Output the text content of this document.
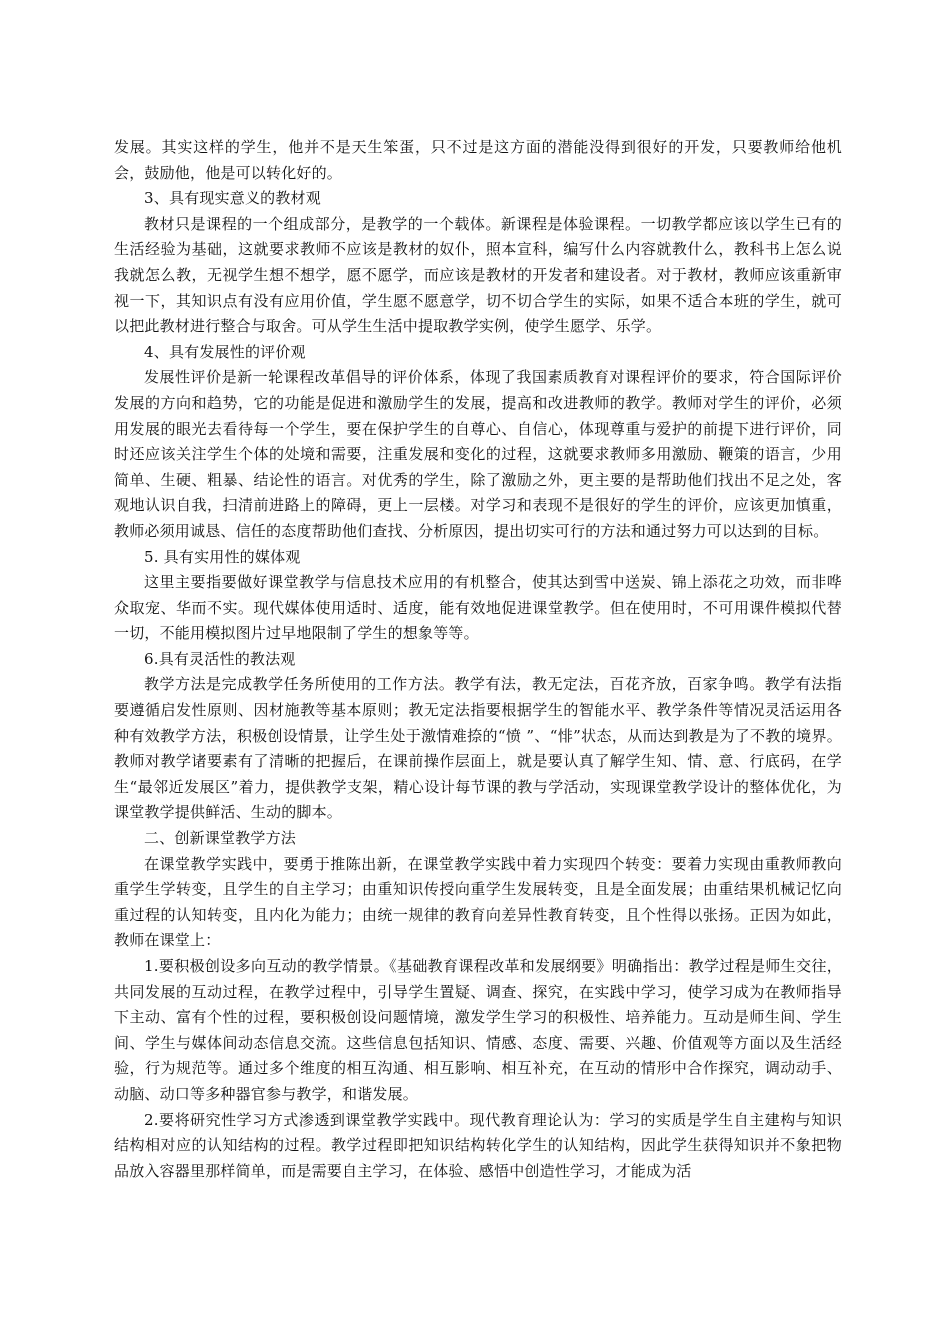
发展。其实这样的学生，他并不是天生笨蛋，只不过是这方面的潜能没得到很好的开发，只要教师给他机会，鼓励他，他是可以转化好的。

3、具有现实意义的教材观

教材只是课程的一个组成部分，是教学的一个载体。新课程是体验课程。一切教学都应该以学生已有的生活经验为基础，这就要求教师不应该是教材的奴仆，照本宣科，编写什么内容就教什么，教科书上怎么说我就怎么教，无视学生想不想学，愿不愿学，而应该是教材的开发者和建设者。对于教材，教师应该重新审视一下，其知识点有没有应用价值，学生愿不愿意学，切不切合学生的实际，如果不适合本班的学生，就可以把此教材进行整合与取舍。可从学生生活中提取教学实例，使学生愿学、乐学。

4、具有发展性的评价观

发展性评价是新一轮课程改革倡导的评价体系，体现了我国素质教育对课程评价的要求，符合国际评价发展的方向和趋势，它的功能是促进和激励学生的发展，提高和改进教师的教学。教师对学生的评价，必须用发展的眼光去看待每一个学生，要在保护学生的自尊心、自信心，体现尊重与爱护的前提下进行评价，同时还应该关注学生个体的处境和需要，注重发展和变化的过程，这就要求教师多用激励、鞭策的语言，少用简单、生硬、粗暴、结论性的语言。对优秀的学生，除了激励之外，更主要的是帮助他们找出不足之处，客观地认识自我，扫清前进路上的障碍，更上一层楼。对学习和表现不是很好的学生的评价，应该更加慎重，教师必须用诚恳、信任的态度帮助他们查找、分析原因，提出切实可行的方法和通过努力可以达到的目标。

5. 具有实用性的媒体观

这里主要指要做好课堂教学与信息技术应用的有机整合，使其达到雪中送炭、锦上添花之功效，而非哗众取宠、华而不实。现代媒体使用适时、适度，能有效地促进课堂教学。但在使用时，不可用课件模拟代替一切，不能用模拟图片过早地限制了学生的想象等等。

6.具有灵活性的教法观

教学方法是完成教学任务所使用的工作方法。教学有法，教无定法，百花齐放，百家争鸣。教学有法指要遵循启发性原则、因材施教等基本原则；教无定法指要根据学生的智能水平、教学条件等情况灵活运用各种有效教学方法，积极创设情景，让学生处于激情难捺的“愤 ”、“悱”状态，从而达到教是为了不教的境界。教师对教学诸要素有了清晰的把握后，在课前操作层面上，就是要认真了解学生知、情、意、行底码，在学生“最邻近发展区”着力，提供教学支架，精心设计每节课的教与学活动，实现课堂教学设计的整体优化，为课堂教学提供鲜活、生动的脚本。

二、创新课堂教学方法

在课堂教学实践中，要勇于推陈出新，在课堂教学实践中着力实现四个转变：要着力实现由重教师教向重学生学转变，且学生的自主学习；由重知识传授向重学生发展转变，且是全面发展；由重结果机械记忆向重过程的认知转变，且内化为能力；由统一规律的教育向差异性教育转变，且个性得以张扬。正因为如此，教师在课堂上：

1.要积极创设多向互动的教学情景。《基础教育课程改革和发展纲要》明确指出：教学过程是师生交往，共同发展的互动过程，在教学过程中，引导学生置疑、调查、探究，在实践中学习，使学习成为在教师指导下主动、富有个性的过程，要积极创设问题情境，激发学生学习的积极性、培养能力。互动是师生间、学生间、学生与媒体间动态信息交流。这些信息包括知识、情感、态度、需要、兴趣、价值观等方面以及生活经验，行为规范等。通过多个维度的相互沟通、相互影响、相互补充，在互动的情形中合作探究，调动动手、动脑、动口等多种器官参与教学，和谐发展。

2.要将研究性学习方式渗透到课堂教学实践中。现代教育理论认为：学习的实质是学生自主建构与知识结构相对应的认知结构的过程。教学过程即把知识结构转化学生的认知结构，因此学生获得知识并不象把物品放入容器里那样简单，而是需要自主学习，在体验、感悟中创造性学习，才能成为活
